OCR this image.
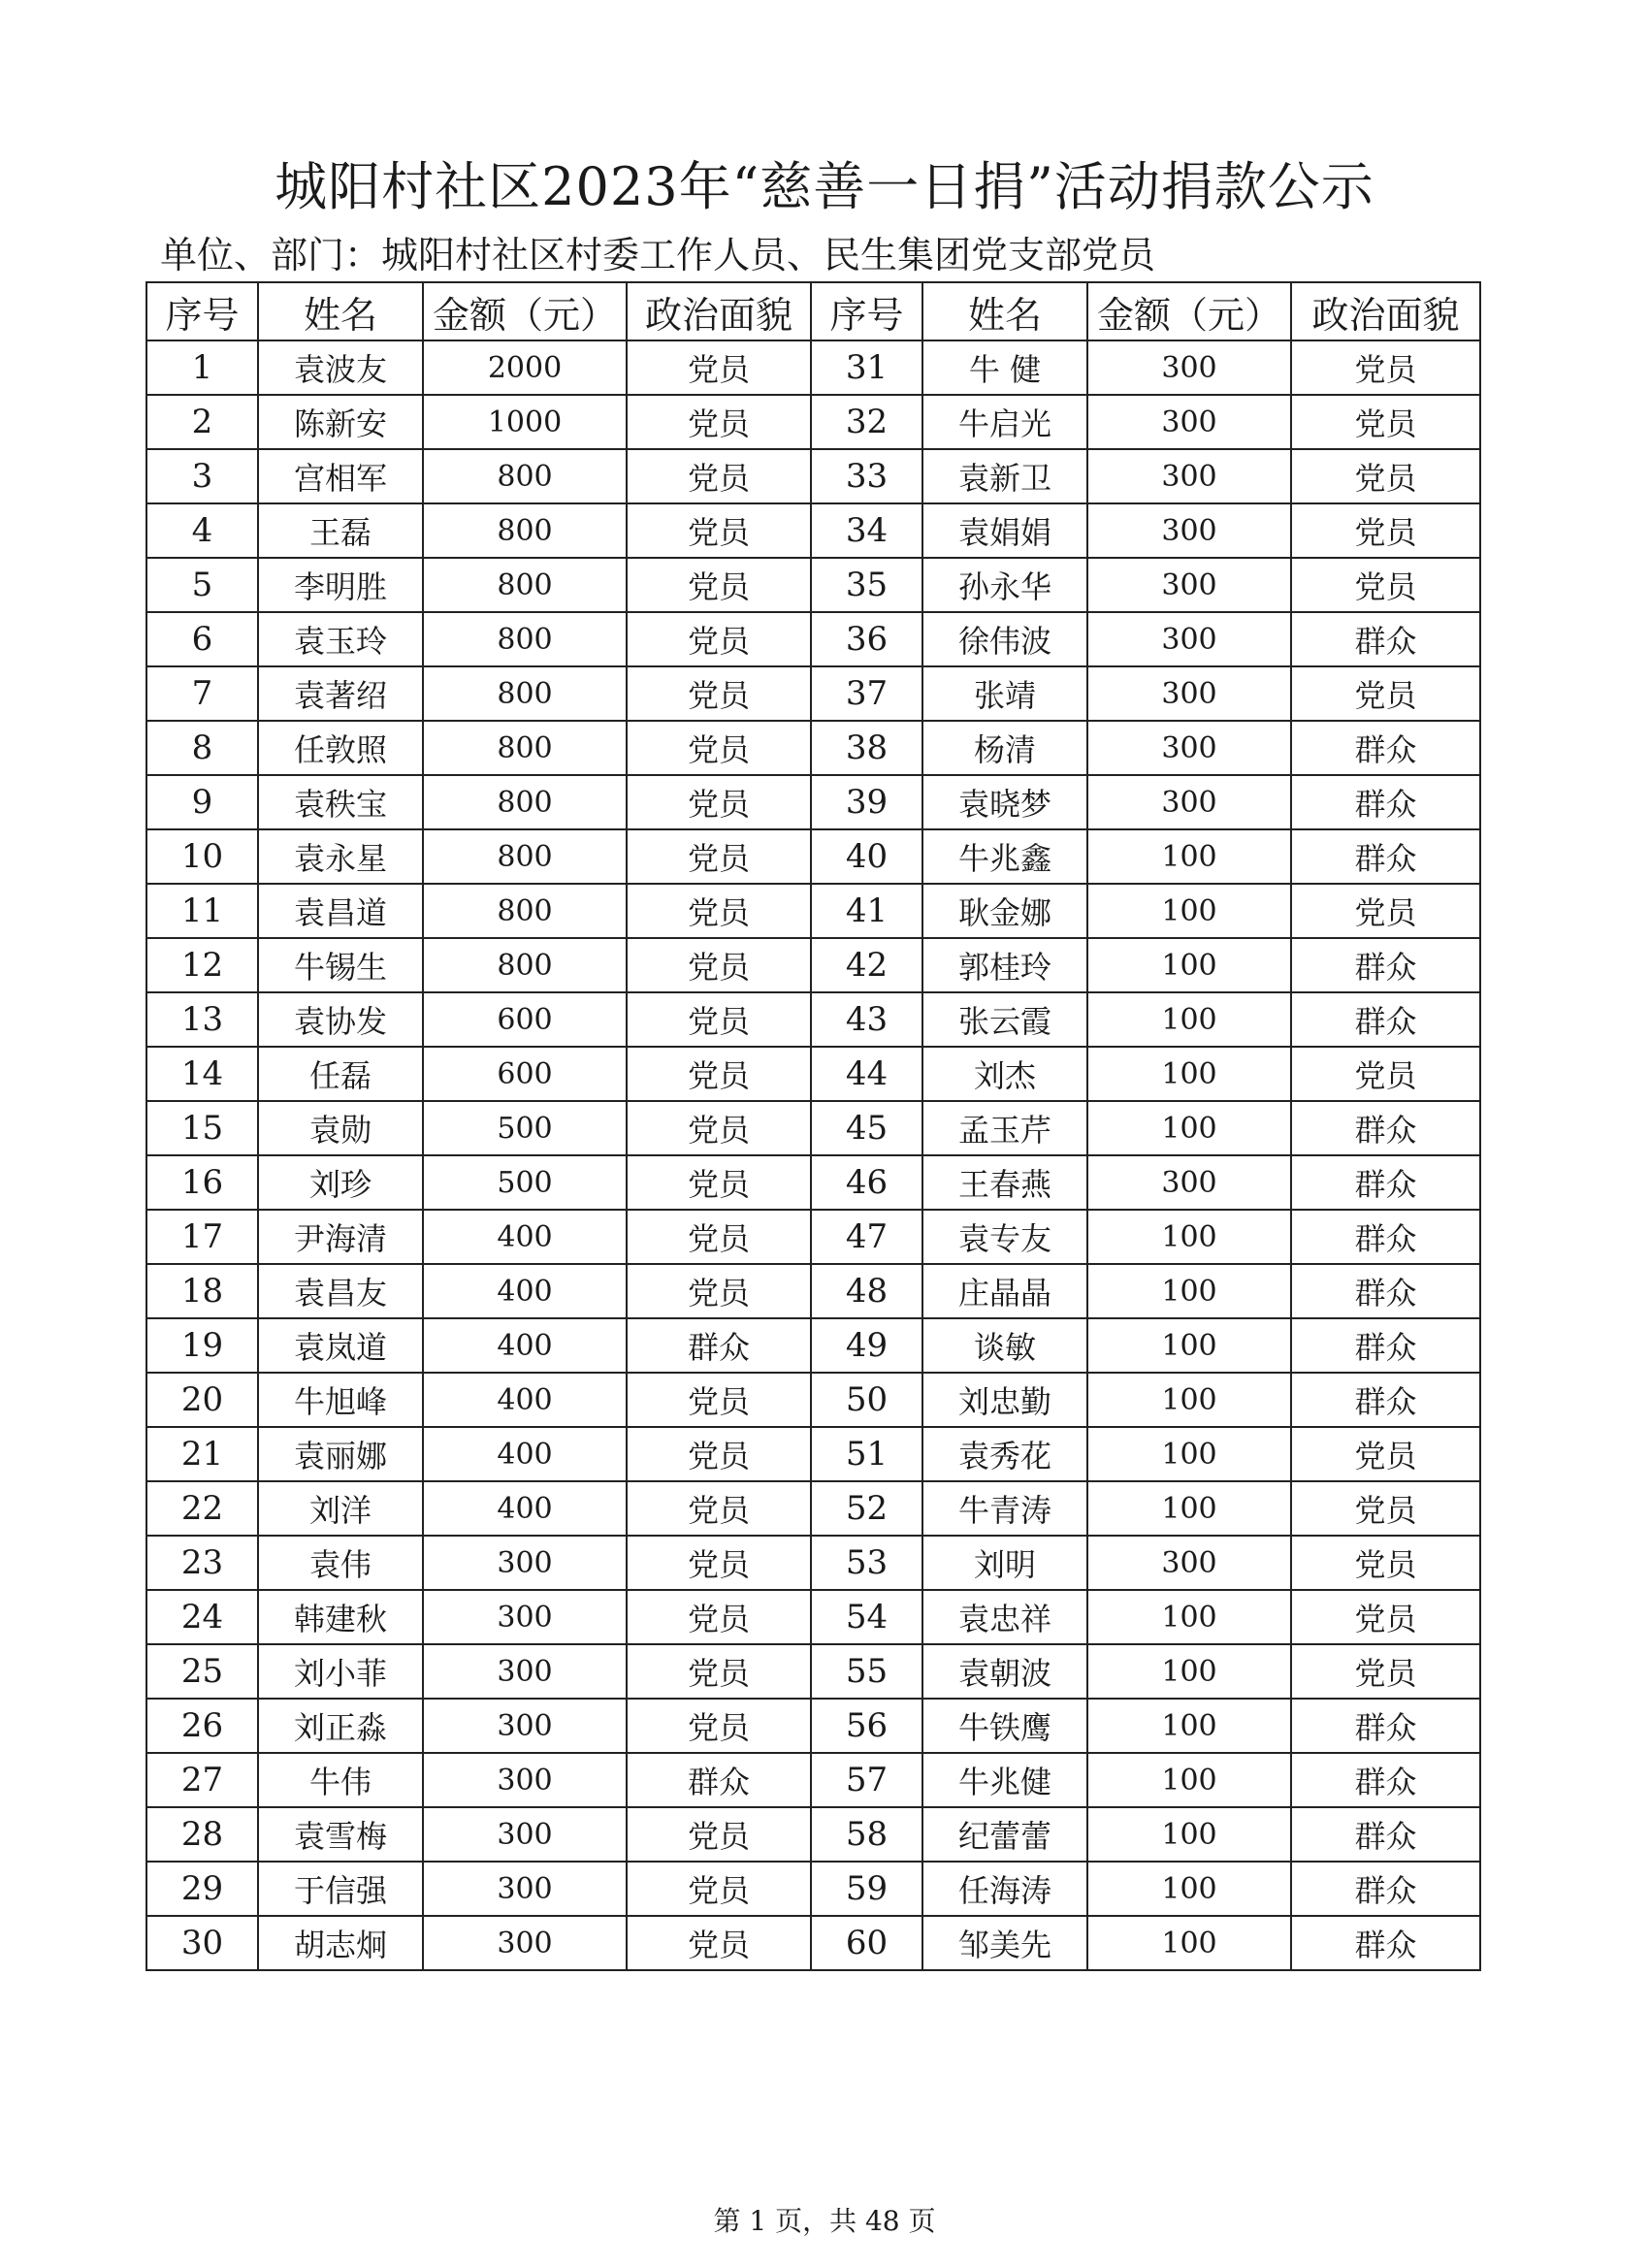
城阳村社区2023年“慈善一日捐”活动捐款公示
单位、部门：城阳村社区村委工作人员、民生集团党支部党员
序号	姓名	金额（元）	政治面貌	序号	姓名	金额（元）	政治面貌
1	袁波友	2000	党员	31	牛 健	300	党员
2	陈新安	1000	党员	32	牛启光	300	党员
3	宫相军	800	党员	33	袁新卫	300	党员
4	王磊	800	党员	34	袁娟娟	300	党员
5	李明胜	800	党员	35	孙永华	300	党员
6	袁玉玲	800	党员	36	徐伟波	300	群众
7	袁著绍	800	党员	37	张靖	300	党员
8	任敦照	800	党员	38	杨清	300	群众
9	袁秩宝	800	党员	39	袁晓梦	300	群众
10	袁永星	800	党员	40	牛兆鑫	100	群众
11	袁昌道	800	党员	41	耿金娜	100	党员
12	牛锡生	800	党员	42	郭桂玲	100	群众
13	袁协发	600	党员	43	张云霞	100	群众
14	任磊	600	党员	44	刘杰	100	党员
15	袁勋	500	党员	45	孟玉芹	100	群众
16	刘珍	500	党员	46	王春燕	300	群众
17	尹海清	400	党员	47	袁专友	100	群众
18	袁昌友	400	党员	48	庄晶晶	100	群众
19	袁岚道	400	群众	49	谈敏	100	群众
20	牛旭峰	400	党员	50	刘忠勤	100	群众
21	袁丽娜	400	党员	51	袁秀花	100	党员
22	刘洋	400	党员	52	牛青涛	100	党员
23	袁伟	300	党员	53	刘明	300	党员
24	韩建秋	300	党员	54	袁忠祥	100	党员
25	刘小菲	300	党员	55	袁朝波	100	党员
26	刘正淼	300	党员	56	牛铁鹰	100	群众
27	牛伟	300	群众	57	牛兆健	100	群众
28	袁雪梅	300	党员	58	纪蕾蕾	100	群众
29	于信强	300	党员	59	任海涛	100	群众
30	胡志炯	300	党员	60	邹美先	100	群众
第 1 页，共 48 页
